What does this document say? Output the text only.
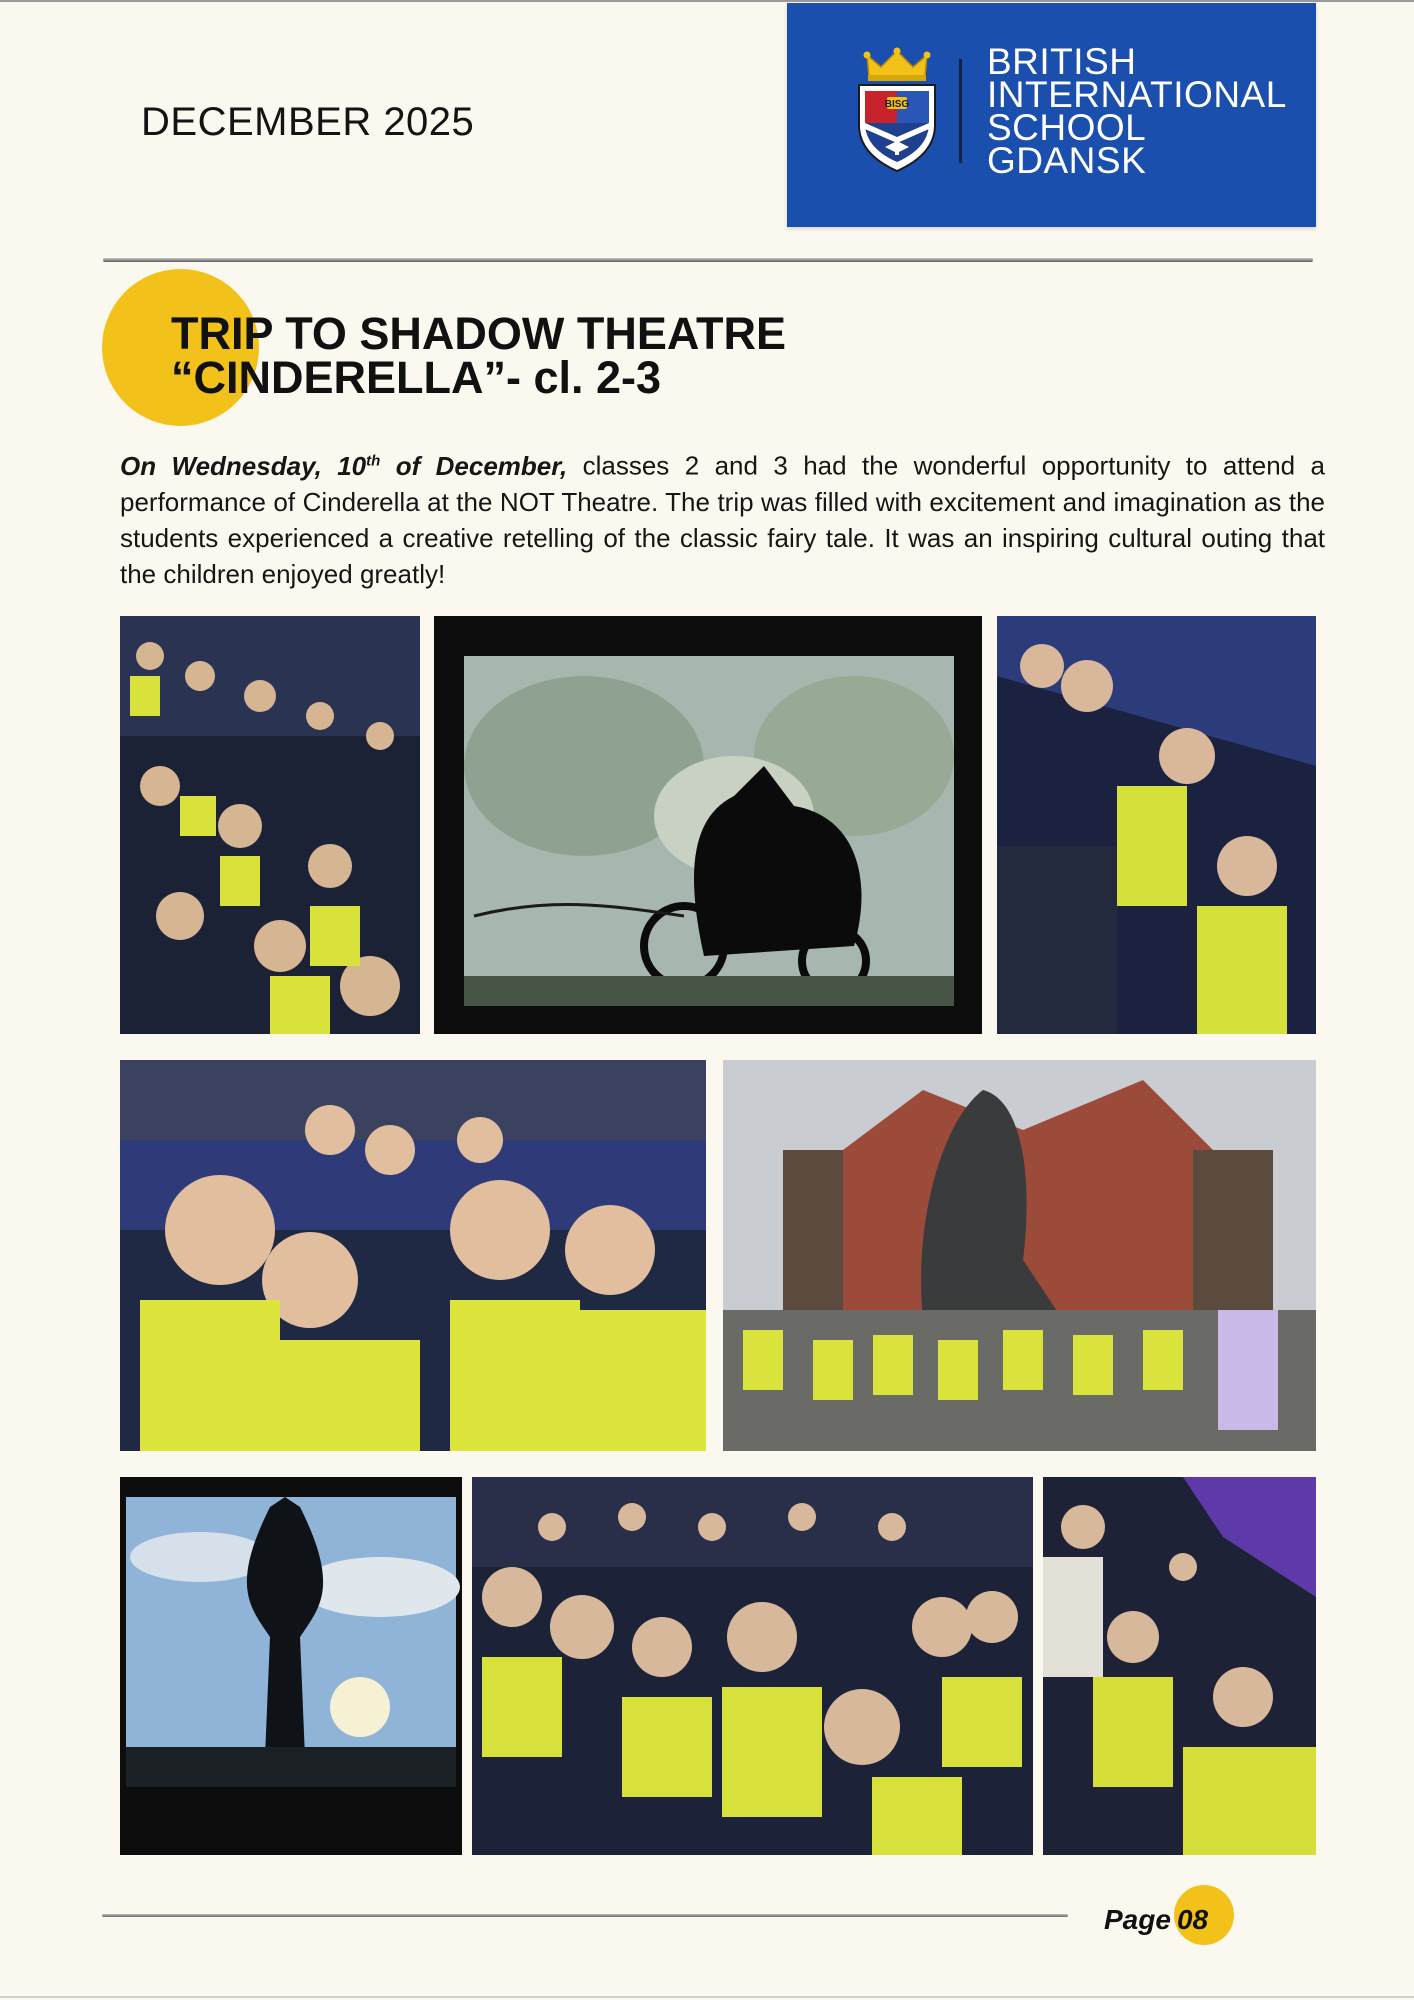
DECEMBER 2025	BISG
BRITISH
INTERNATIONAL
SCHOOL
GDANSK
TRIP TO SHADOW THEATRE
“CINDERELLA”- cl. 2-3
On Wednesday, 10th of December, classes 2 and 3 had the wonderful opportunity to attend a performance of Cinderella at the NOT Theatre. The trip was filled with excitement and imagination as the students experienced a creative retelling of the classic fairy tale. It was an inspiring cultural outing that the children enjoyed greatly!
Page 08
